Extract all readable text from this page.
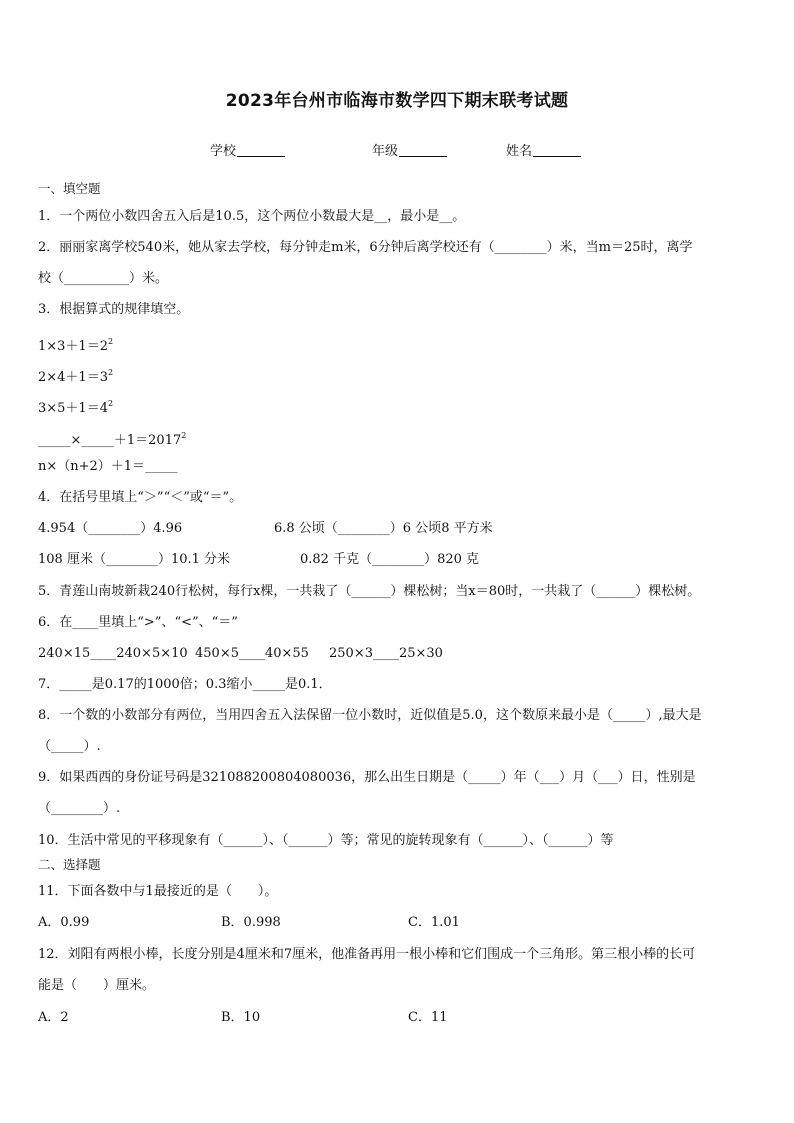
2023年台州市临海市数学四下期末联考试题
学校	年级	姓名
一、填空题
1．一个两位小数四舍五入后是10.5，这个两位小数最大是__，最小是__。
2．丽丽家离学校540米，她从家去学校，每分钟走m米，6分钟后离学校还有（________）米，当m＝25时，离学
校（__________）米。
3．根据算式的规律填空。
$1\times 3+1=2^2$
$2\times 4+1=3^2$
$3\times 5+1=4^2$
$\_\_\_\_\_\times\_\_\_\_\_+1=2017^2$
n×（n+2）＋1＝_____
4．在括号里填上“＞”“＜”或“＝”。
4.954（________）4.96	6.8 公顷（________）6 公顷8 平方米
108 厘米（________）10.1 分米	0.82 千克（________）820 克
5．青莲山南坡新栽240行松树，每行x棵，一共栽了（______）棵松树；当x＝80时，一共栽了（______）棵松树。
6．在____里填上“>”、“<”、“＝”
240×15____240×5×10 450×5____40×55 250×3____25×30
7．_____是0.17的1000倍；0.3缩小_____是0.1．
8．一个数的小数部分有两位，当用四舍五入法保留一位小数时，近似值是5.0，这个数原来最小是（_____）,最大是
（_____）.
9．如果西西的身份证号码是321088200804080036，那么出生日期是（_____）年（___）月（___）日，性别是
（________）.
10．生活中常见的平移现象有（______）、（______）等；常见的旋转现象有（______）、（______）等
二、选择题
11．下面各数中与1最接近的是（　　）。
A．0.99	B．0.998	C．1.01
12．刘阳有两根小棒，长度分别是4厘米和7厘米，他准备再用一根小棒和它们围成一个三角形。第三根小棒的长可
能是（　　）厘米。
A．2	B．10	C．11
